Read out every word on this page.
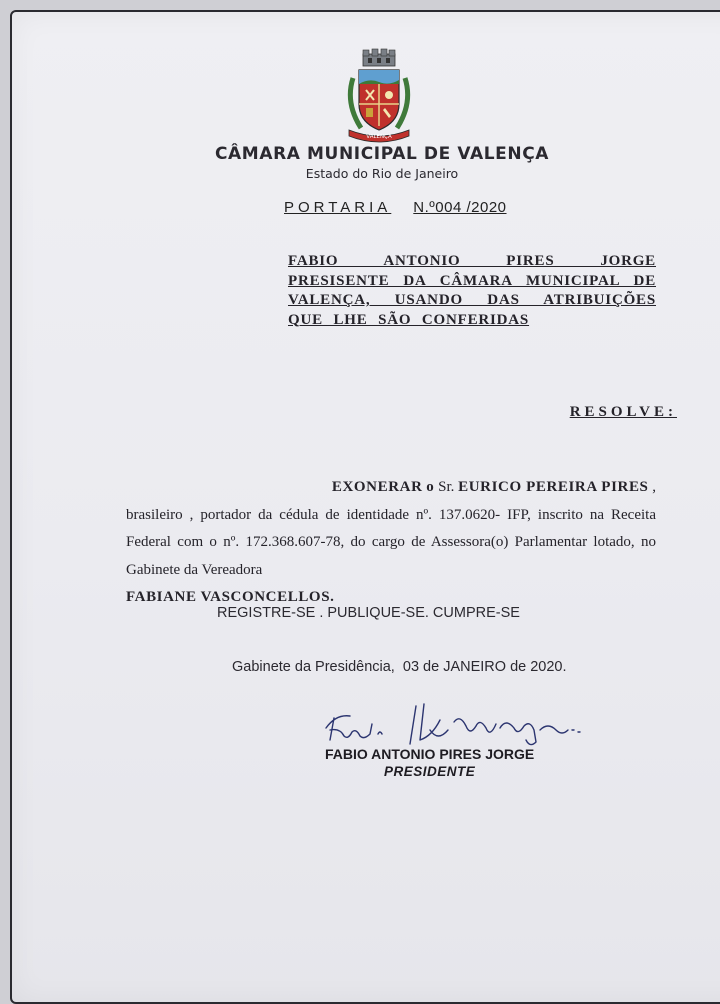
VALENÇA
CÂMARA MUNICIPAL DE VALENÇA
Estado do Rio de Janeiro
PORTARIA N.º004 /2020
FABIO ANTONIO PIRES JORGE PRESISENTE DA CÂMARA MUNICIPAL DE VALENÇA, USANDO DAS ATRIBUIÇÕES QUE LHE SÃO CONFERIDAS
RESOLVE:
EXONERAR o Sr. EURICO PEREIRA PIRES ,
brasileiro , portador da cédula de identidade nº. 137.0620- IFP, inscrito na Receita Federal com o nº. 172.368.607-78, do cargo de Assessora(o) Parlamentar lotado, no Gabinete da Vereadora
FABIANE VASCONCELLOS.
REGISTRE-SE . PUBLIQUE-SE. CUMPRE-SE
Gabinete da Presidência,  03 de JANEIRO de 2020.
FABIO ANTONIO PIRES JORGE
PRESIDENTE
